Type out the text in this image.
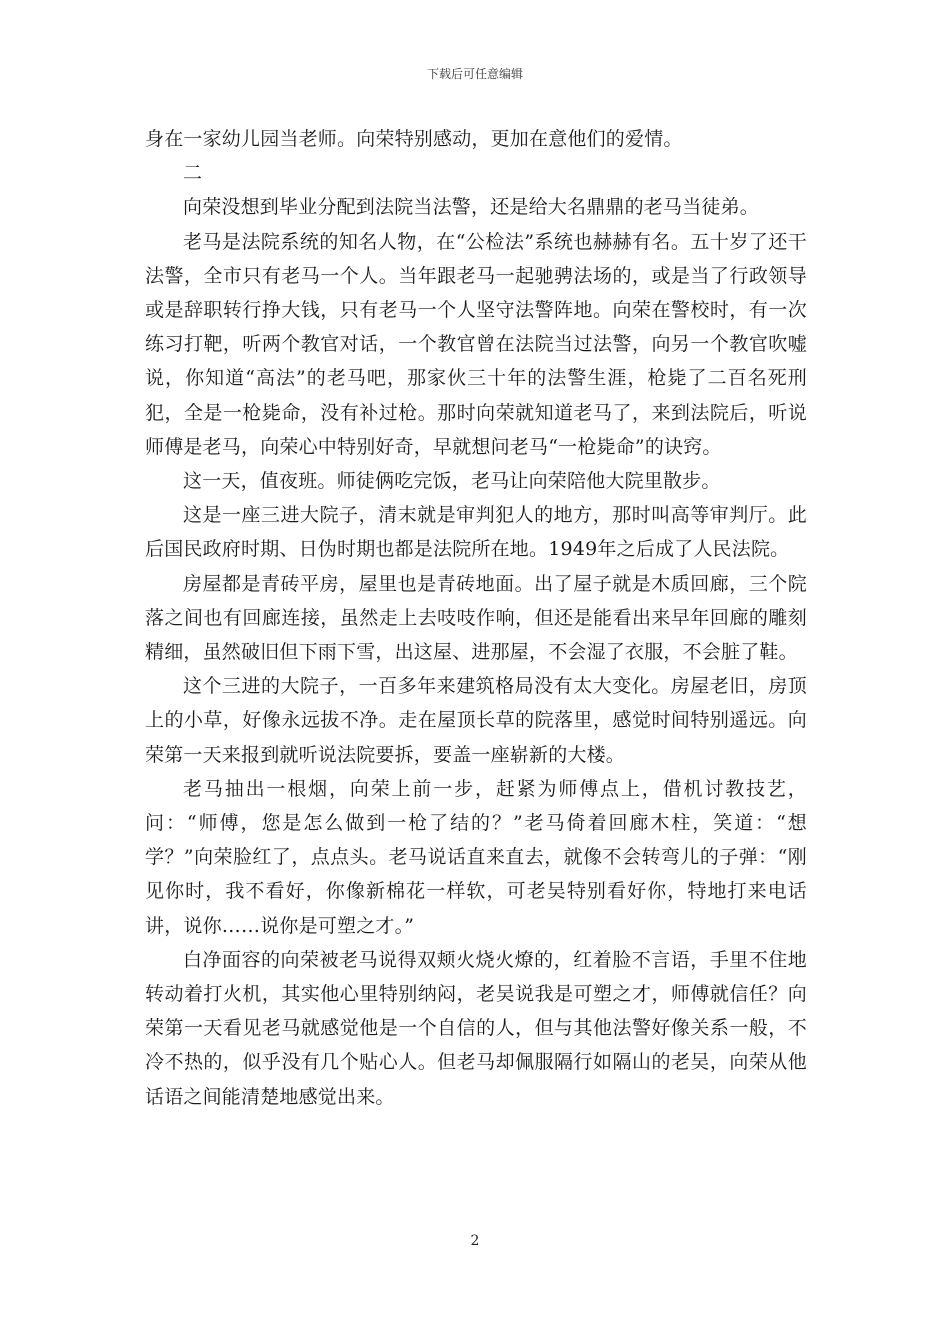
下载后可任意编辑

身在一家幼儿园当老师。向荣特别感动，更加在意他们的爱情。

二

向荣没想到毕业分配到法院当法警，还是给大名鼎鼎的老马当徒弟。

老马是法院系统的知名人物，在“公检法”系统也赫赫有名。五十岁了还干法警，全市只有老马一个人。当年跟老马一起驰骋法场的，或是当了行政领导或是辞职转行挣大钱，只有老马一个人坚守法警阵地。向荣在警校时，有一次练习打靶，听两个教官对话，一个教官曾在法院当过法警，向另一个教官吹嘘说，你知道“高法”的老马吧，那家伙三十年的法警生涯，枪毙了二百名死刑犯，全是一枪毙命，没有补过枪。那时向荣就知道老马了，来到法院后，听说师傅是老马，向荣心中特别好奇，早就想问老马“一枪毙命”的诀窍。

这一天，值夜班。师徒俩吃完饭，老马让向荣陪他大院里散步。

这是一座三进大院子，清末就是审判犯人的地方，那时叫高等审判厅。此后国民政府时期、日伪时期也都是法院所在地。1949年之后成了人民法院。

房屋都是青砖平房，屋里也是青砖地面。出了屋子就是木质回廊，三个院落之间也有回廊连接，虽然走上去吱吱作响，但还是能看出来早年回廊的雕刻精细，虽然破旧但下雨下雪，出这屋、进那屋，不会湿了衣服，不会脏了鞋。

这个三进的大院子，一百多年来建筑格局没有太大变化。房屋老旧，房顶上的小草，好像永远拔不净。走在屋顶长草的院落里，感觉时间特别遥远。向荣第一天来报到就听说法院要拆，要盖一座崭新的大楼。

老马抽出一根烟，向荣上前一步，赶紧为师傅点上，借机讨教技艺，问：“师傅，您是怎么做到一枪了结的？”老马倚着回廊木柱，笑道：“想学？”向荣脸红了，点点头。老马说话直来直去，就像不会转弯儿的子弹：“刚见你时，我不看好，你像新棉花一样软，可老吴特别看好你，特地打来电话讲，说你……说你是可塑之才。”

白净面容的向荣被老马说得双颊火烧火燎的，红着脸不言语，手里不住地转动着打火机，其实他心里特别纳闷，老吴说我是可塑之才，师傅就信任？向荣第一天看见老马就感觉他是一个自信的人，但与其他法警好像关系一般，不冷不热的，似乎没有几个贴心人。但老马却佩服隔行如隔山的老吴，向荣从他话语之间能清楚地感觉出来。

2
